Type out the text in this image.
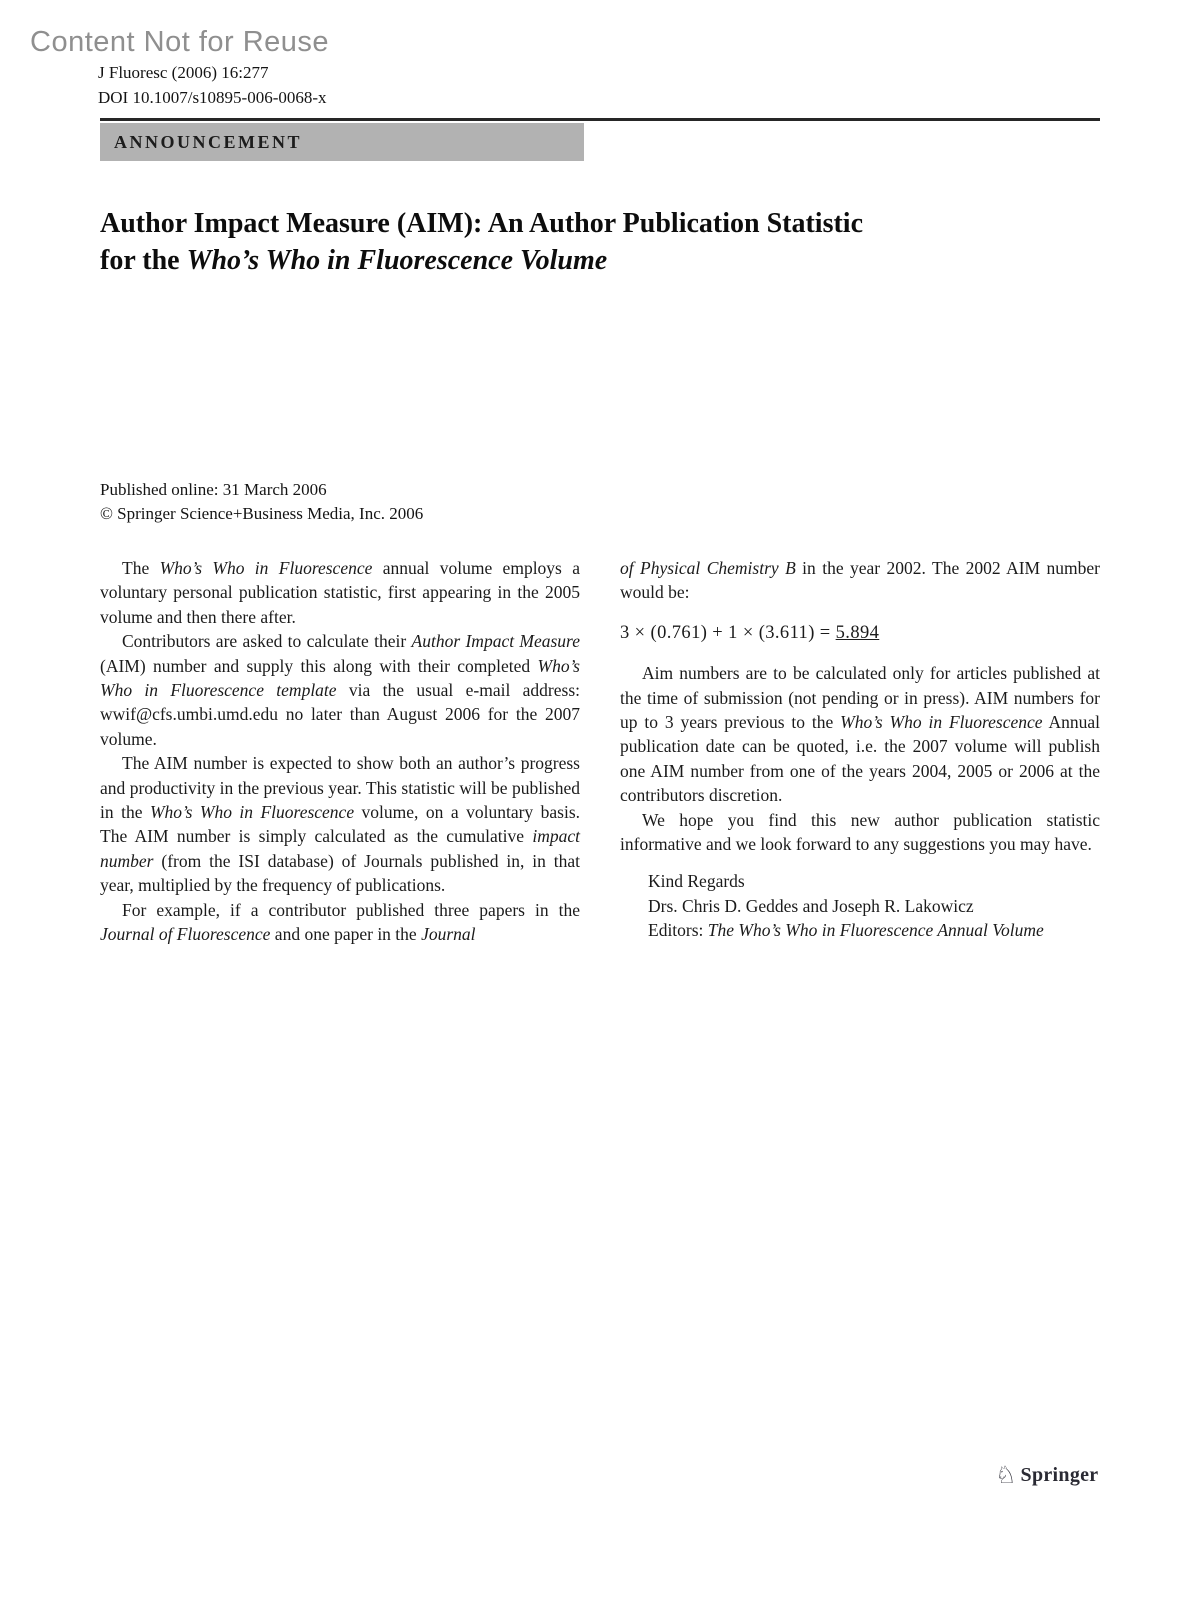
Content Not for Reuse
J Fluoresc (2006) 16:277
DOI 10.1007/s10895-006-0068-x
ANNOUNCEMENT
Author Impact Measure (AIM): An Author Publication Statistic
for the Who’s Who in Fluorescence Volume
Published online: 31 March 2006
© Springer Science+Business Media, Inc. 2006

The Who’s Who in Fluorescence annual volume employs a voluntary personal publication statistic, first appearing in the 2005 volume and then there after.

Contributors are asked to calculate their Author Impact Measure (AIM) number and supply this along with their completed Who’s Who in Fluorescence template via the usual e-mail address: wwif@cfs.umbi.umd.edu no later than August 2006 for the 2007 volume.

The AIM number is expected to show both an author’s progress and productivity in the previous year. This statistic will be published in the Who’s Who in Fluorescence volume, on a voluntary basis. The AIM number is simply calculated as the cumulative impact number (from the ISI database) of Journals published in, in that year, multiplied by the frequency of publications.

For example, if a contributor published three papers in the Journal of Fluorescence and one paper in the Journal

of Physical Chemistry B in the year 2002. The 2002 AIM number would be:

3 × (0.761) + 1 × (3.611) = 5.894

Aim numbers are to be calculated only for articles published at the time of submission (not pending or in press). AIM numbers for up to 3 years previous to the Who’s Who in Fluorescence Annual publication date can be quoted, i.e. the 2007 volume will publish one AIM number from one of the years 2004, 2005 or 2006 at the contributors discretion.

We hope you find this new author publication statistic informative and we look forward to any suggestions you may have.

Kind Regards
Drs. Chris D. Geddes and Joseph R. Lakowicz
Editors: The Who’s Who in Fluorescence Annual Volume
♘ Springer
